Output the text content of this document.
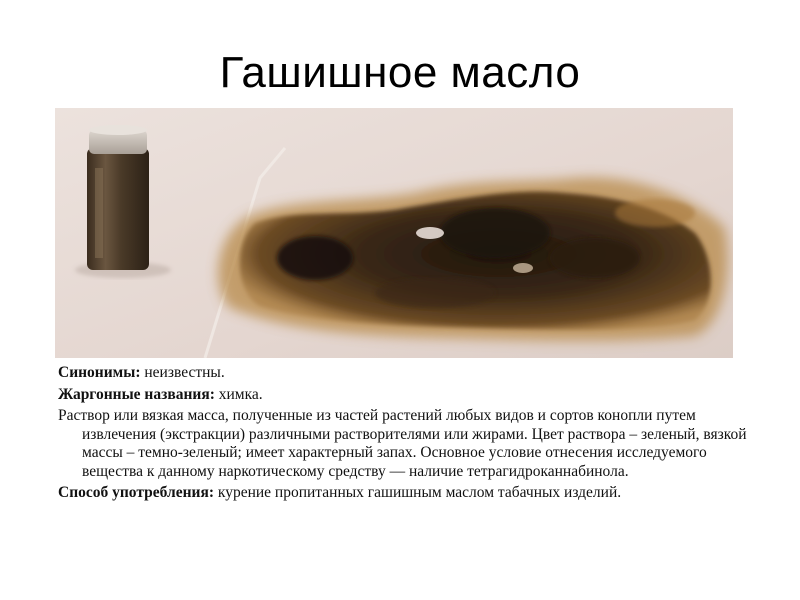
Гашишное масло

Синонимы: неизвестны.

Жаргонные названия: химка.

Раствор или вязкая масса, полученные из частей растений любых видов и сортов конопли путем извлечения (экстракции) различными растворителями или жирами. Цвет раствора – зеленый, вязкой массы – темно-зеленый; имеет характерный запах. Основное условие отнесения исследуемого вещества к данному наркотическому средству — наличие тетрагидроканнабинола.

Способ употребления: курение пропитанных гашишным маслом табачных изделий.
